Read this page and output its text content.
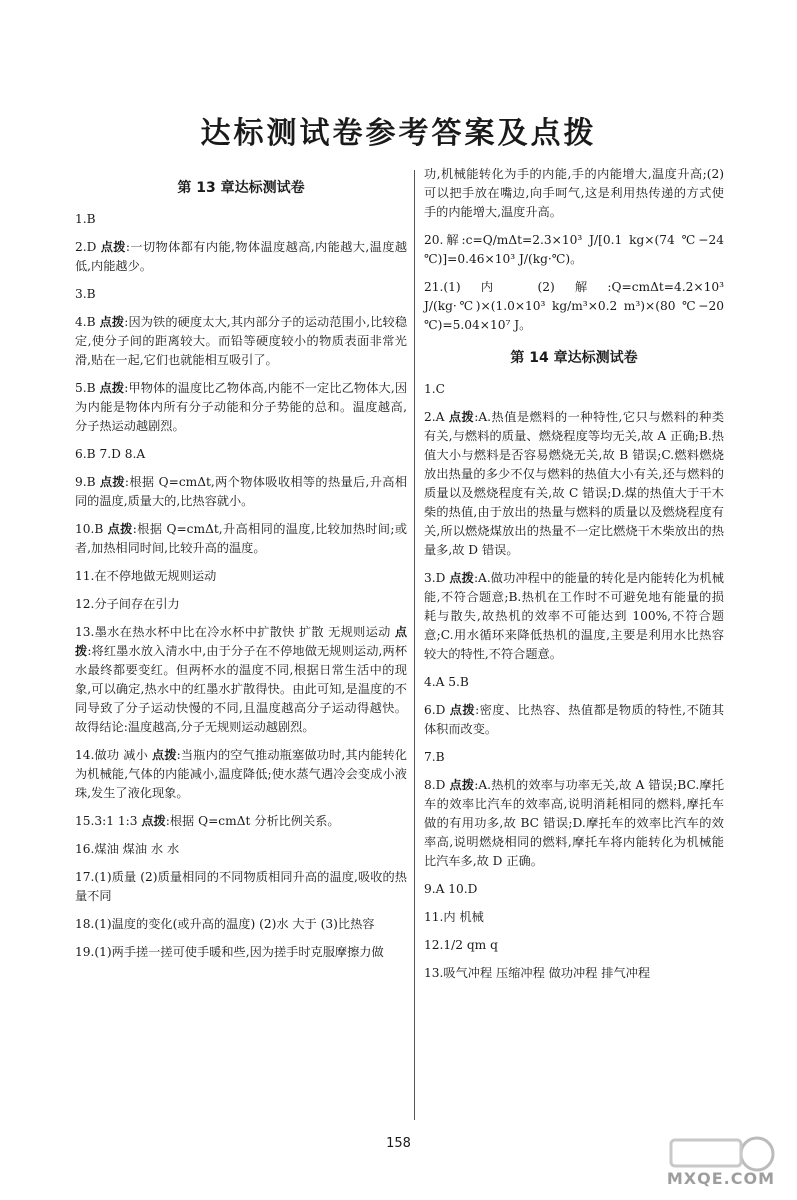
达标测试卷参考答案及点拨
第 13 章达标测试卷
1.B
2.D 点拨:一切物体都有内能,物体温度越高,内能越大,温度越低,内能越少。
3.B
4.B 点拨:因为铁的硬度太大,其内部分子的运动范围小,比较稳定,使分子间的距离较大。而铅等硬度较小的物质表面非常光滑,贴在一起,它们也就能相互吸引了。
5.B 点拨:甲物体的温度比乙物体高,内能不一定比乙物体大,因为内能是物体内所有分子动能和分子势能的总和。温度越高,分子热运动越剧烈。
6.B 7.D 8.A
9.B 点拨:根据 Q=cmΔt,两个物体吸收相等的热量后,升高相同的温度,质量大的,比热容就小。
10.B 点拨:根据 Q=cmΔt,升高相同的温度,比较加热时间;或者,加热相同时间,比较升高的温度。
11.在不停地做无规则运动
12.分子间存在引力
13.墨水在热水杯中比在冷水杯中扩散快 扩散 无规则运动 点拨:将红墨水放入清水中,由于分子在不停地做无规则运动,两杯水最终都要变红。但两杯水的温度不同,根据日常生活中的现象,可以确定,热水中的红墨水扩散得快。由此可知,是温度的不同导致了分子运动快慢的不同,且温度越高分子运动得越快。故得结论:温度越高,分子无规则运动越剧烈。
14.做功 减小 点拨:当瓶内的空气推动瓶塞做功时,其内能转化为机械能,气体的内能减小,温度降低;使水蒸气遇冷会变成小液珠,发生了液化现象。
15.3:1 1:3 点拨:根据 Q=cmΔt 分析比例关系。
16.煤油 煤油 水 水
17.(1)质量 (2)质量相同的不同物质相同升高的温度,吸收的热量不同
18.(1)温度的变化(或升高的温度) (2)水 大于 (3)比热容
19.(1)两手搓一搓可使手暖和些,因为搓手时克服摩擦力做
功,机械能转化为手的内能,手的内能增大,温度升高;(2)可以把手放在嘴边,向手呵气,这是利用热传递的方式使手的内能增大,温度升高。
20.解:c=Q/mΔt=2.3×10³ J/[0.1 kg×(74 ℃−24 ℃)]=0.46×10³ J/(kg·℃)。
21.(1)内 (2)解:Q=cmΔt=4.2×10³ J/(kg·℃)×(1.0×10³ kg/m³×0.2 m³)×(80 ℃−20 ℃)=5.04×10⁷ J。
第 14 章达标测试卷
1.C
2.A 点拨:A.热值是燃料的一种特性,它只与燃料的种类有关,与燃料的质量、燃烧程度等均无关,故 A 正确;B.热值大小与燃料是否容易燃烧无关,故 B 错误;C.燃料燃烧放出热量的多少不仅与燃料的热值大小有关,还与燃料的质量以及燃烧程度有关,故 C 错误;D.煤的热值大于干木柴的热值,由于放出的热量与燃料的质量以及燃烧程度有关,所以燃烧煤放出的热量不一定比燃烧干木柴放出的热量多,故 D 错误。
3.D 点拨:A.做功冲程中的能量的转化是内能转化为机械能,不符合题意;B.热机在工作时不可避免地有能量的损耗与散失,故热机的效率不可能达到 100%,不符合题意;C.用水循环来降低热机的温度,主要是利用水比热容较大的特性,不符合题意。
4.A 5.B
6.D 点拨:密度、比热容、热值都是物质的特性,不随其体积而改变。
7.B
8.D 点拨:A.热机的效率与功率无关,故 A 错误;BC.摩托车的效率比汽车的效率高,说明消耗相同的燃料,摩托车做的有用功多,故 BC 错误;D.摩托车的效率比汽车的效率高,说明燃烧相同的燃料,摩托车将内能转化为机械能比汽车多,故 D 正确。
9.A 10.D
11.内 机械
12.1/2 qm q
13.吸气冲程 压缩冲程 做功冲程 排气冲程
158
MXQE.COM
